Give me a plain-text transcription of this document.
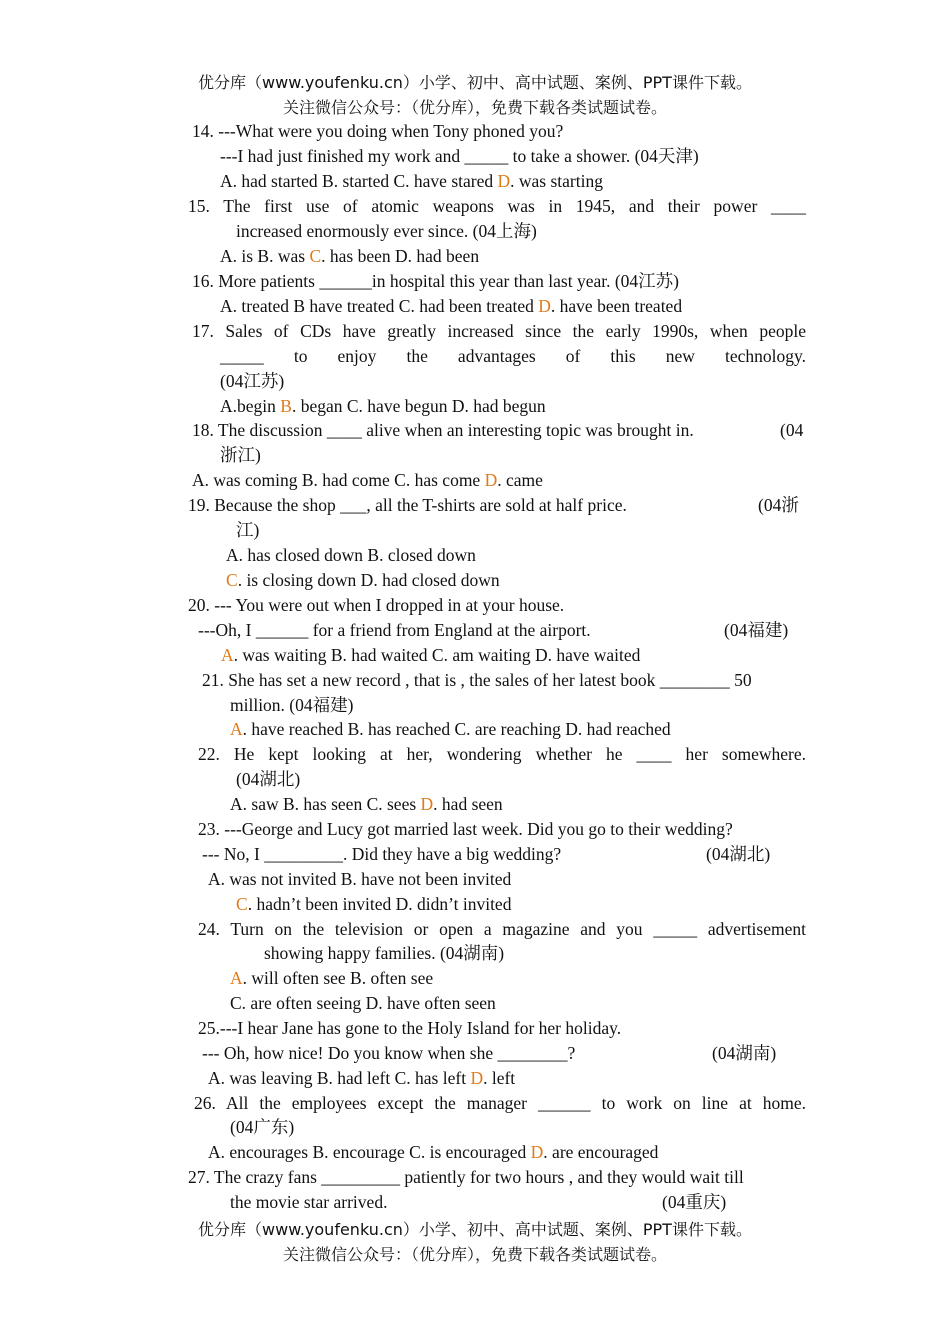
优分库（www.youfenku.cn）小学、初中、高中试题、案例、PPT课件下载。
关注微信公众号：（优分库），免费下载各类试题试卷。
14. ---What were you doing when Tony phoned you?
---I had just finished my work and _____ to take a shower. (04天津)
A. had started B. started C. have stared D. was starting
15. The first use of atomic weapons was in 1945, and their power ____
increased enormously ever since. (04上海)
A. is B. was C. has been D. had been
16. More patients ______in hospital this year than last year. (04江苏)
A. treated B have treated C. had been treated D. have been treated
17. Sales of CDs have greatly increased since the early 1990s, when people
_____ to enjoy the advantages of this new technology.
(04江苏)
A.begin B. began C. have begun D. had begun
18. The discussion ____ alive when an interesting topic was brought in.	(04
浙江)
A. was coming B. had come C. has come D. came
19. Because the shop ___, all the T-shirts are sold at half price.	(04浙
江)
A. has closed down B. closed down
C. is closing down D. had closed down
20. --- You were out when I dropped in at your house.
---Oh, I ______ for a friend from England at the airport.	(04福建)
A. was waiting B. had waited C. am waiting D. have waited
21. She has set a new record , that is , the sales of her latest book ________ 50
million. (04福建)
A. have reached B. has reached C. are reaching D. had reached
22. He kept looking at her, wondering whether he ____ her somewhere.
(04湖北)
A. saw B. has seen C. sees D. had seen
23. ---George and Lucy got married last week. Did you go to their wedding?
--- No, I _________. Did they have a big wedding?	(04湖北)
A. was not invited B. have not been invited
C. hadn’t been invited D. didn’t invited
24. Turn on the television or open a magazine and you _____ advertisement
showing happy families. (04湖南)
A. will often see B. often see
C. are often seeing D. have often seen
25.---I hear Jane has gone to the Holy Island for her holiday.
--- Oh, how nice! Do you know when she ________?	(04湖南)
A. was leaving B. had left C. has left D. left
26. All the employees except the manager ______ to work on line at home.
(04广东)
A. encourages B. encourage C. is encouraged D. are encouraged
27. The crazy fans _________ patiently for two hours , and they would wait till
the movie star arrived.	(04重庆)
优分库（www.youfenku.cn）小学、初中、高中试题、案例、PPT课件下载。
关注微信公众号：（优分库），免费下载各类试题试卷。
